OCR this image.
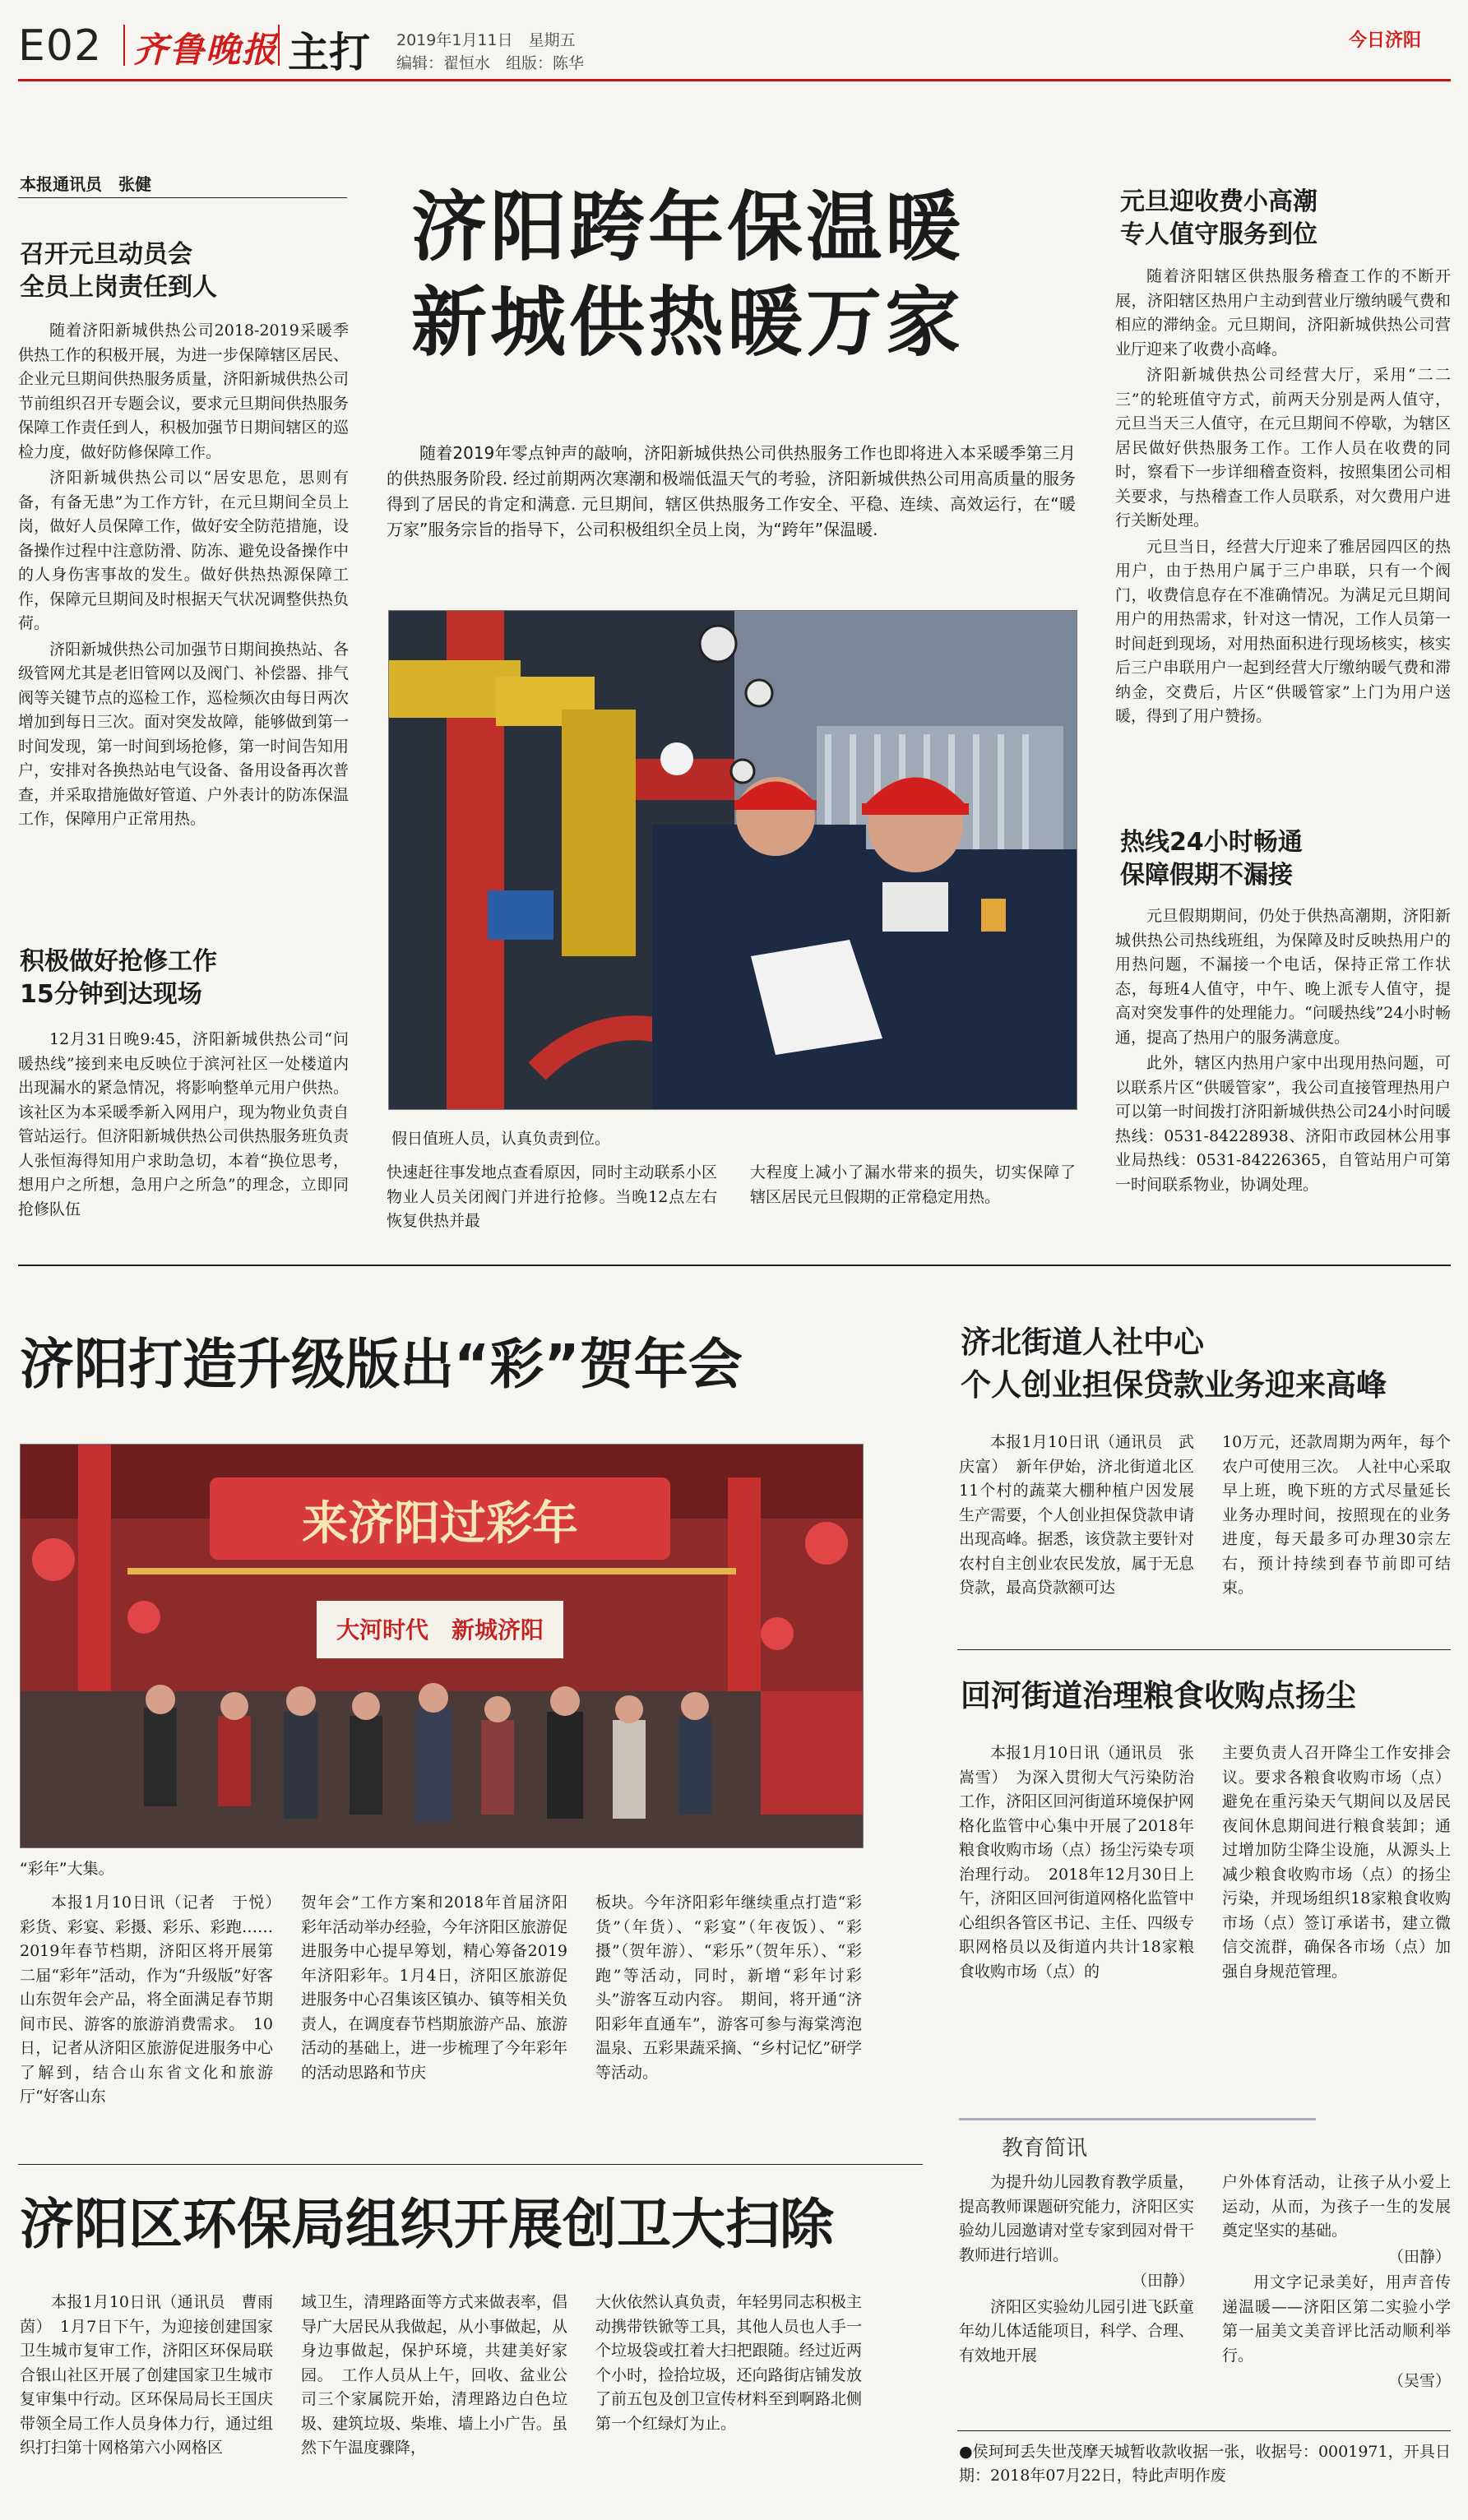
E02 齐鲁晚报 主打 2019年1月11日　星期五
编辑：翟恒水　组版：陈华
今日济阳
本报通讯员　张健
召开元旦动员会
全员上岗责任到人

随着济阳新城供热公司2018-2019采暖季供热工作的积极开展，为进一步保障辖区居民、企业元旦期间供热服务质量，济阳新城供热公司节前组织召开专题会议，要求元旦期间供热服务保障工作责任到人，积极加强节日期间辖区的巡检力度，做好防修保障工作。

济阳新城供热公司以“居安思危，思则有备，有备无患”为工作方针，在元旦期间全员上岗，做好人员保障工作，做好安全防范措施，设备操作过程中注意防滑、防冻、避免设备操作中的人身伤害事故的发生。做好供热热源保障工作，保障元旦期间及时根据天气状况调整供热负荷。

济阳新城供热公司加强节日期间换热站、各级管网尤其是老旧管网以及阀门、补偿器、排气阀等关键节点的巡检工作，巡检频次由每日两次增加到每日三次。面对突发故障，能够做到第一时间发现，第一时间到场抢修，第一时间告知用户，安排对各换热站电气设备、备用设备再次普查，并采取措施做好管道、户外表计的防冻保温工作，保障用户正常用热。

积极做好抢修工作
15分钟到达现场

12月31日晚9:45，济阳新城供热公司“问暖热线”接到来电反映位于滨河社区一处楼道内出现漏水的紧急情况，将影响整单元用户供热。该社区为本采暖季新入网用户，现为物业负责自管站运行。但济阳新城供热公司供热服务班负责人张恒海得知用户求助急切，本着“换位思考，想用户之所想，急用户之所急”的理念，立即同抢修队伍

济阳跨年保温暖
新城供热暖万家

随着2019年零点钟声的敲响，济阳新城供热公司供热服务工作也即将进入本采暖季第三月的供热服务阶段. 经过前期两次寒潮和极端低温天气的考验，济阳新城供热公司用高质量的服务得到了居民的肯定和满意. 元旦期间，辖区供热服务工作安全、平稳、连续、高效运行，在“暖万家”服务宗旨的指导下，公司积极组织全员上岗，为“跨年”保温暖.

假日值班人员，认真负责到位。

快速赶往事发地点查看原因，同时主动联系小区物业人员关闭阀门并进行抢修。当晚12点左右恢复供热并最

大程度上减小了漏水带来的损失，切实保障了辖区居民元旦假期的正常稳定用热。

元旦迎收费小高潮
专人值守服务到位

随着济阳辖区供热服务稽查工作的不断开展，济阳辖区热用户主动到营业厅缴纳暖气费和相应的滞纳金。元旦期间，济阳新城供热公司营业厅迎来了收费小高峰。

济阳新城供热公司经营大厅，采用“二二三”的轮班值守方式，前两天分别是两人值守，元旦当天三人值守，在元旦期间不停歇，为辖区居民做好供热服务工作。工作人员在收费的同时，察看下一步详细稽查资料，按照集团公司相关要求，与热稽查工作人员联系，对欠费用户进行关断处理。

元旦当日，经营大厅迎来了雅居园四区的热用户，由于热用户属于三户串联，只有一个阀门，收费信息存在不准确情况。为满足元旦期间用户的用热需求，针对这一情况，工作人员第一时间赶到现场，对用热面积进行现场核实，核实后三户串联用户一起到经营大厅缴纳暖气费和滞纳金，交费后，片区“供暖管家”上门为用户送暖，得到了用户赞扬。

热线24小时畅通
保障假期不漏接

元旦假期期间，仍处于供热高潮期，济阳新城供热公司热线班组，为保障及时反映热用户的用热问题，不漏接一个电话，保持正常工作状态，每班4人值守，中午、晚上派专人值守，提高对突发事件的处理能力。“问暖热线”24小时畅通，提高了热用户的服务满意度。

此外，辖区内热用户家中出现用热问题，可以联系片区“供暖管家”，我公司直接管理热用户可以第一时间拨打济阳新城供热公司24小时问暖热线：0531-84228938、济阳市政园林公用事业局热线：0531-84226365，自管站用户可第一时间联系物业，协调处理。

济阳打造升级版出“彩”贺年会
来济阳过彩年
大河时代　新城济阳
“彩年”大集。

本报1月10日讯（记者　于悦）　彩货、彩宴、彩摄、彩乐、彩跑……2019年春节档期，济阳区将开展第二届“彩年”活动，作为“升级版”好客山东贺年会产品，将全面满足春节期间市民、游客的旅游消费需求。　10日，记者从济阳区旅游促进服务中心了解到，结合山东省文化和旅游厅“好客山东

贺年会”工作方案和2018年首届济阳彩年活动举办经验，今年济阳区旅游促进服务中心提早筹划，精心筹备2019年济阳彩年。1月4日，济阳区旅游促进服务中心召集该区镇办、镇等相关负责人，在调度春节档期旅游产品、旅游活动的基础上，进一步梳理了今年彩年的活动思路和节庆

板块。今年济阳彩年继续重点打造“彩货”（年货）、“彩宴”（年夜饭）、“彩摄”（贺年游）、“彩乐”（贺年乐）、“彩跑”等活动，同时，新增“彩年讨彩头”游客互动内容。　期间，将开通“济阳彩年直通车”，游客可参与海棠湾泡温泉、五彩果蔬采摘、“乡村记忆”研学等活动。

济北街道人社中心
个人创业担保贷款业务迎来高峰

本报1月10日讯（通讯员　武庆富）　新年伊始，济北街道北区11个村的蔬菜大棚种植户因发展生产需要，个人创业担保贷款申请出现高峰。据悉，该贷款主要针对农村自主创业农民发放，属于无息贷款，最高贷款额可达

10万元，还款周期为两年，每个农户可使用三次。　人社中心采取早上班，晚下班的方式尽量延长业务办理时间，按照现在的业务进度，每天最多可办理30宗左右，预计持续到春节前即可结束。

回河街道治理粮食收购点扬尘

本报1月10日讯（通讯员　张嵩雪）　为深入贯彻大气污染防治工作，济阳区回河街道环境保护网格化监管中心集中开展了2018年粮食收购市场（点）扬尘污染专项治理行动。　2018年12月30日上午，济阳区回河街道网格化监管中心组织各管区书记、主任、四级专职网格员以及街道内共计18家粮食收购市场（点）的

主要负责人召开降尘工作安排会议。要求各粮食收购市场（点）避免在重污染天气期间以及居民夜间休息期间进行粮食装卸；通过增加防尘降尘设施，从源头上减少粮食收购市场（点）的扬尘污染，并现场组织18家粮食收购市场（点）签订承诺书，建立微信交流群，确保各市场（点）加强自身规范管理。

教育简讯

为提升幼儿园教育教学质量，提高教师课题研究能力，济阳区实验幼儿园邀请对堂专家到园对骨干教师进行培训。

（田静）

济阳区实验幼儿园引进飞跃童年幼儿体适能项目，科学、合理、有效地开展

户外体育活动，让孩子从小爱上运动，从而，为孩子一生的发展奠定坚实的基础。

（田静）

用文字记录美好，用声音传递温暖——济阳区第二实验小学第一届美文美音评比活动顺利举行。

（吴雪）

济阳区环保局组织开展创卫大扫除

本报1月10日讯（通讯员　曹雨茵）　1月7日下午，为迎接创建国家卫生城市复审工作，济阳区环保局联合银山社区开展了创建国家卫生城市复审集中行动。区环保局局长王国庆带领全局工作人员身体力行，通过组织打扫第十网格第六小网格区

域卫生，清理路面等方式来做表率，倡导广大居民从我做起，从小事做起，从身边事做起，保护环境，共建美好家园。　工作人员从上午，回收、盆业公司三个家属院开始，清理路边白色垃圾、建筑垃圾、柴堆、墙上小广告。虽然下午温度骤降，

大伙依然认真负责，年轻男同志积极主动携带铁锨等工具，其他人员也人手一个垃圾袋或扛着大扫把跟随。经过近两个小时，捡拾垃圾，还向路街店铺发放了前五包及创卫宣传材料至到啊路北侧第一个红绿灯为止。

●侯珂珂丢失世茂摩天城暂收款收据一张，收据号：0001971，开具日期：2018年07月22日，特此声明作废
